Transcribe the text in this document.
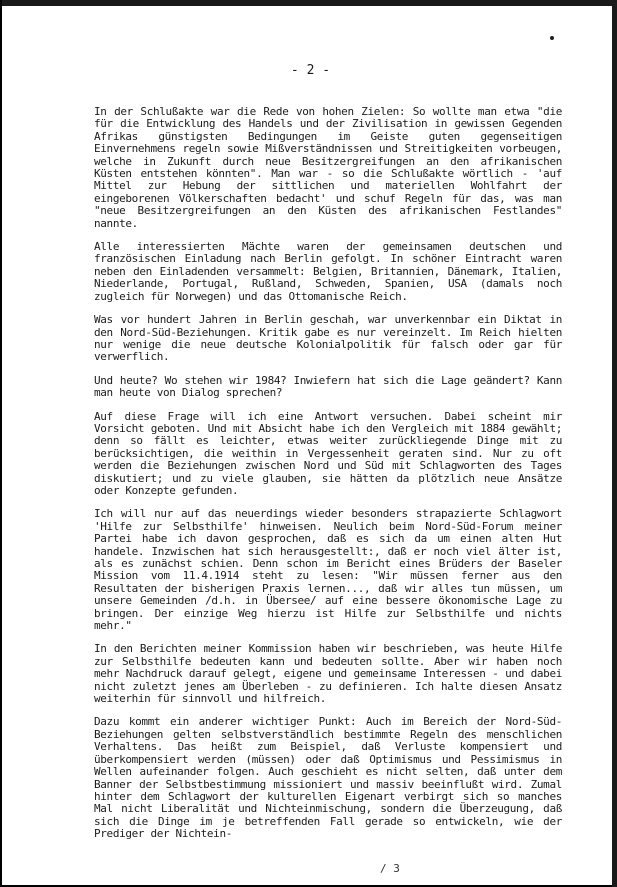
- 2 -

In der Schlußakte war die Rede von hohen Zielen: So wollte man etwa "die für die Entwicklung des Handels und der Zivilisation in gewissen Gegenden Afrikas günstigsten Bedingungen im Geiste guten gegenseitigen Einvernehmens regeln sowie Mißverständnissen und Streitigkeiten vorbeugen, welche in Zukunft durch neue Besitzergreifungen an den afrikanischen Küsten entstehen könnten". Man war - so die Schlußakte wörtlich - 'auf Mittel zur Hebung der sittlichen und materiellen Wohlfahrt der eingeborenen Völkerschaften bedacht' und schuf Regeln für das, was man "neue Besitzergreifungen an den Küsten des afrikanischen Festlandes" nannte.

Alle interessierten Mächte waren der gemeinsamen deutschen und französischen Einladung nach Berlin gefolgt. In schöner Eintracht waren neben den Einladenden versammelt: Belgien, Britannien, Dänemark, Italien, Niederlande, Portugal, Rußland, Schweden, Spanien, USA (damals noch zugleich für Norwegen) und das Ottomanische Reich.

Was vor hundert Jahren in Berlin geschah, war unverkennbar ein Diktat in den Nord-Süd-Beziehungen. Kritik gabe es nur vereinzelt. Im Reich hielten nur wenige die neue deutsche Kolonialpolitik für falsch oder gar für verwerflich.

Und heute? Wo stehen wir 1984? Inwiefern hat sich die Lage geändert? Kann man heute von Dialog sprechen?

Auf diese Frage will ich eine Antwort versuchen. Dabei scheint mir Vorsicht geboten. Und mit Absicht habe ich den Vergleich mit 1884 gewählt; denn so fällt es leichter, etwas weiter zurückliegende Dinge mit zu berücksichtigen, die weithin in Vergessenheit geraten sind. Nur zu oft werden die Beziehungen zwischen Nord und Süd mit Schlagworten des Tages diskutiert; und zu viele glauben, sie hätten da plötzlich neue Ansätze oder Konzepte gefunden.

Ich will nur auf das neuerdings wieder besonders strapazierte Schlagwort 'Hilfe zur Selbsthilfe' hinweisen. Neulich beim Nord-Süd-Forum meiner Partei habe ich davon gesprochen, daß es sich da um einen alten Hut handele. Inzwischen hat sich herausgestellt:, daß er noch viel älter ist, als es zunächst schien. Denn schon im Bericht eines Brüders der Baseler Mission vom 11.4.1914 steht zu lesen: "Wir müssen ferner aus den Resultaten der bisherigen Praxis lernen..., daß wir alles tun müssen, um unsere Gemeinden /d.h. in Übersee/ auf eine bessere ökonomische Lage zu bringen. Der einzige Weg hierzu ist Hilfe zur Selbsthilfe und nichts mehr."

In den Berichten meiner Kommission haben wir beschrieben, was heute Hilfe zur Selbsthilfe bedeuten kann und bedeuten sollte. Aber wir haben noch mehr Nachdruck darauf gelegt, eigene und gemeinsame Interessen - und dabei nicht zuletzt jenes am Überleben - zu definieren. Ich halte diesen Ansatz weiterhin für sinnvoll und hilfreich.

Dazu kommt ein anderer wichtiger Punkt: Auch im Bereich der Nord-Süd-Beziehungen gelten selbstverständlich bestimmte Regeln des menschlichen Verhaltens. Das heißt zum Beispiel, daß Verluste kompensiert und überkompensiert werden (müssen) oder daß Optimismus und Pessimismus in Wellen aufeinander folgen. Auch geschieht es nicht selten, daß unter dem Banner der Selbstbestimmung missioniert und massiv beeinflußt wird. Zumal hinter dem Schlagwort der kulturellen Eigenart verbirgt sich so manches Mal nicht Liberalität und Nichteinmischung, sondern die Überzeugung, daß sich die Dinge im je betreffenden Fall gerade so entwickeln, wie der Prediger der Nichtein-

/ 3
